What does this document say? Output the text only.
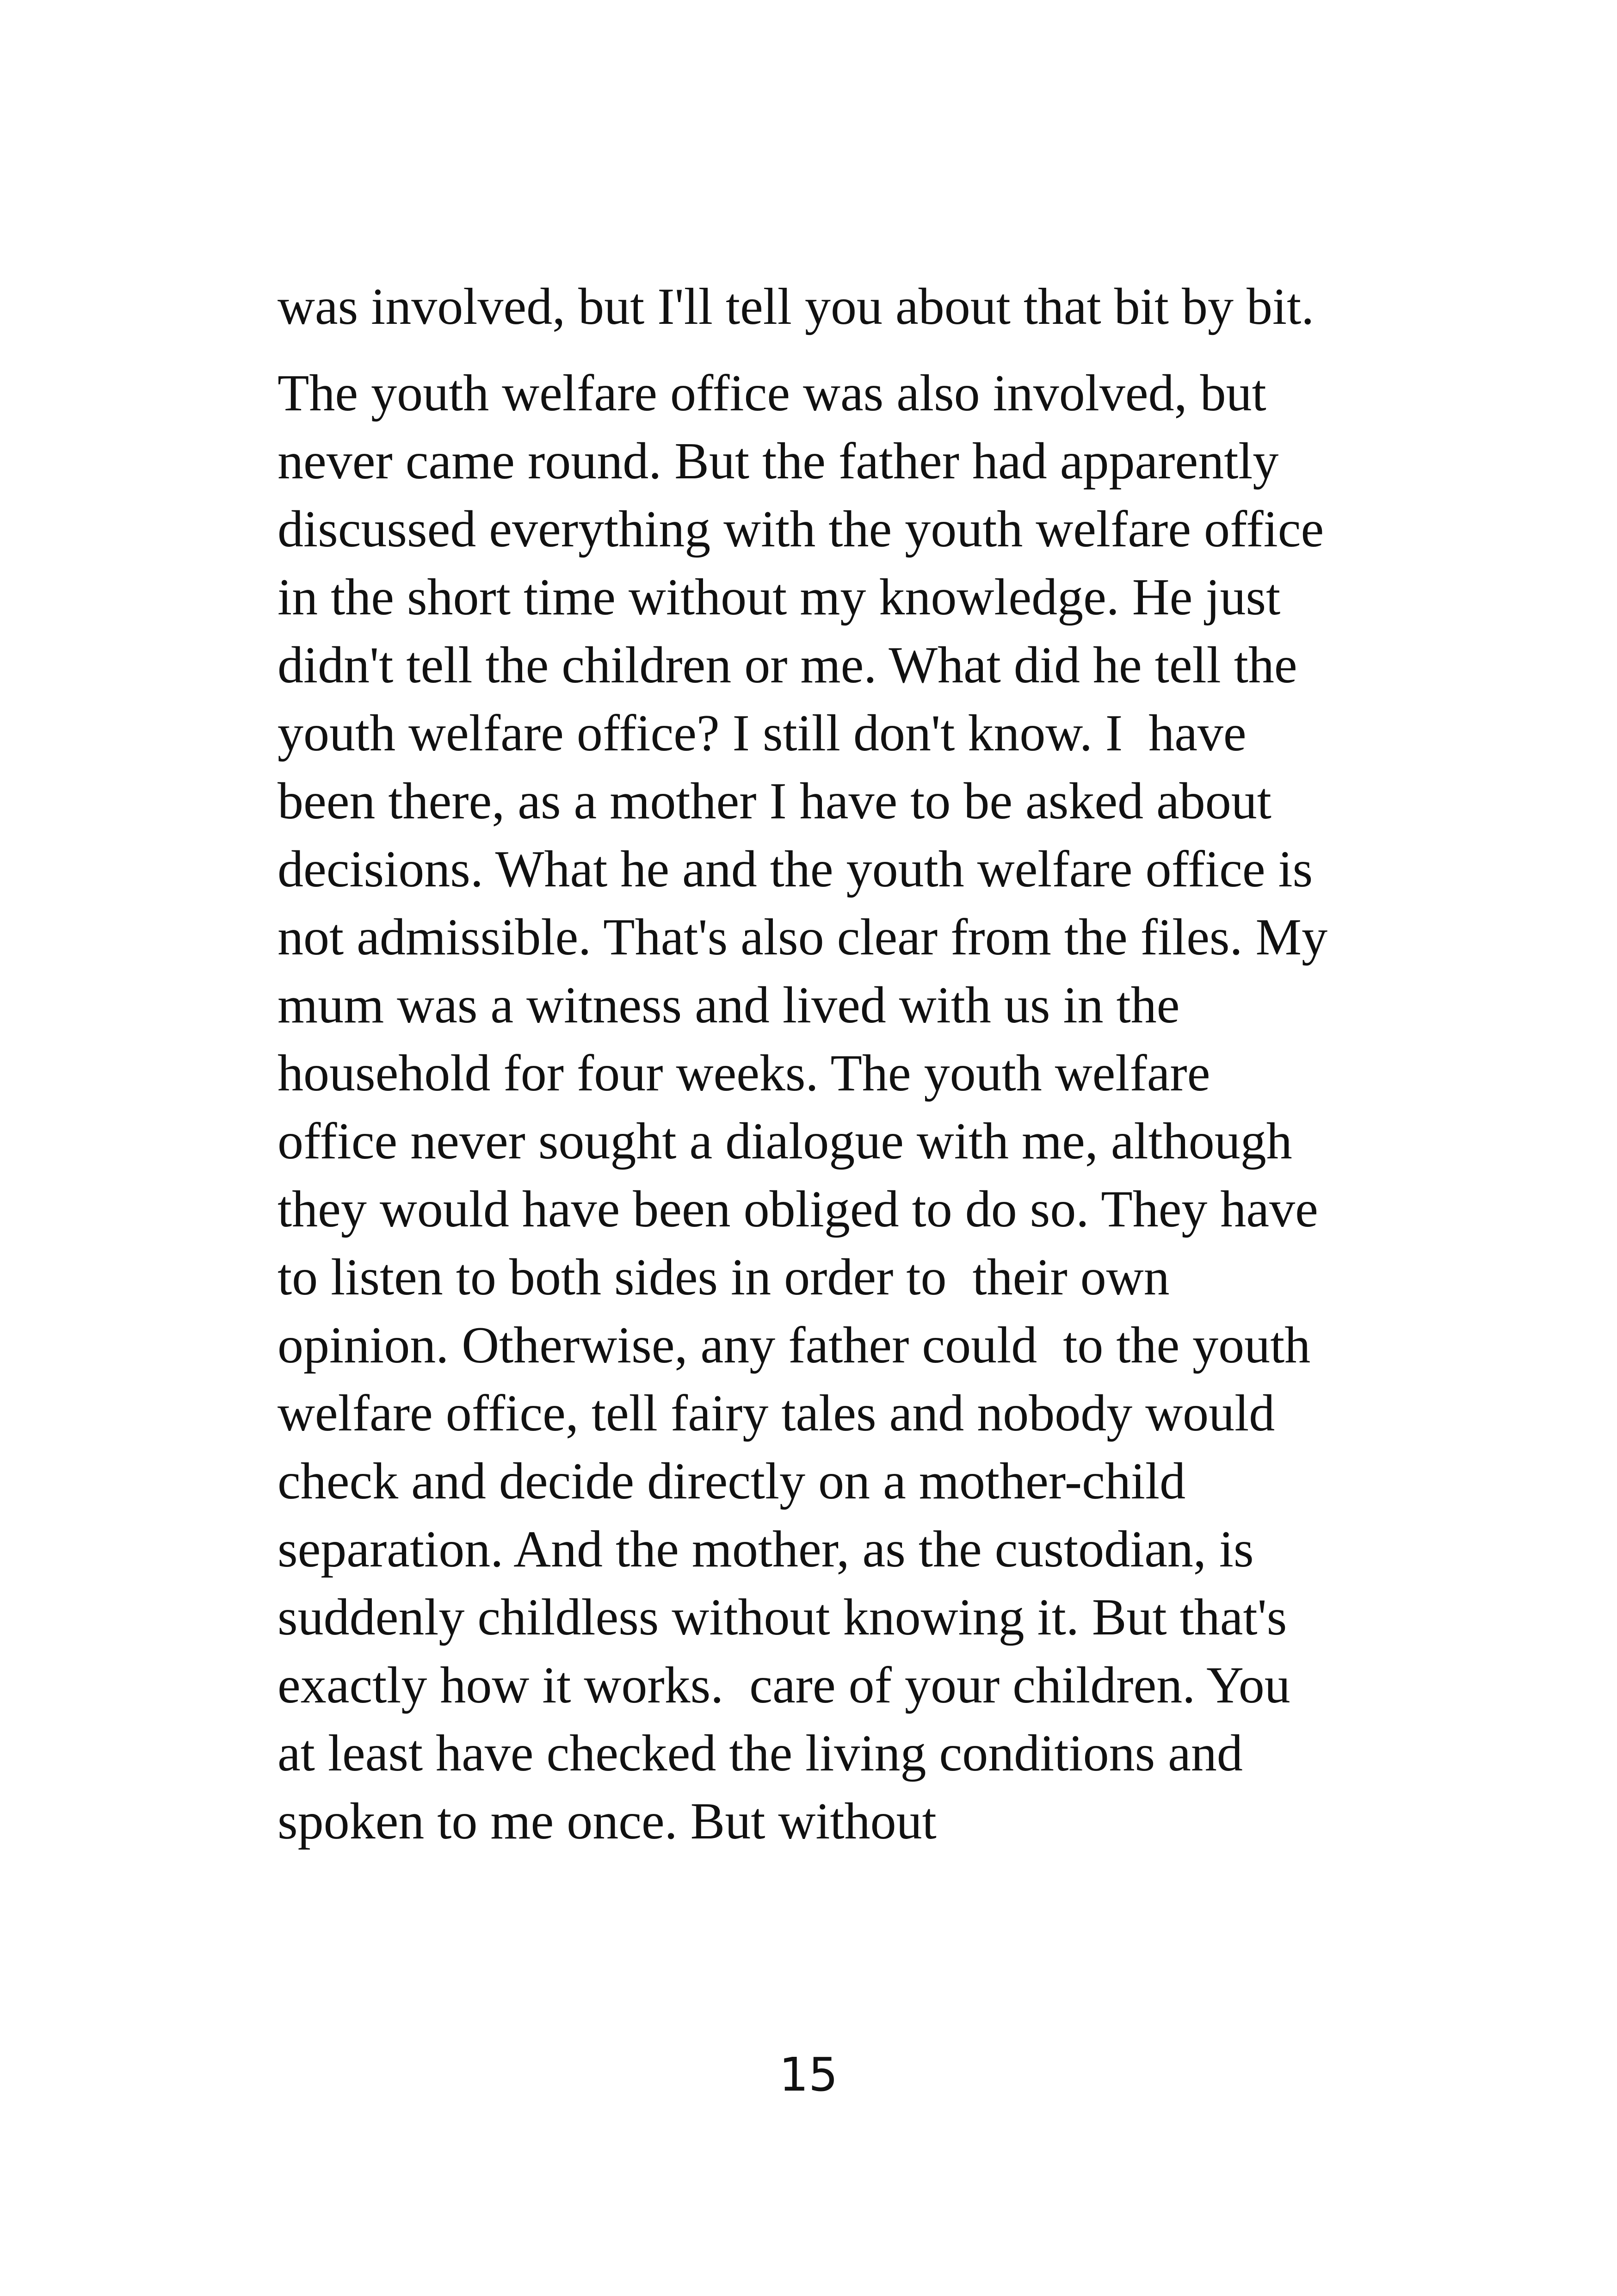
was involved, but I'll tell you about that bit by bit.
The youth welfare office was also involved, but
never came round. But the father had apparently
discussed everything with the youth welfare office
in the short time without my knowledge. He just
didn't tell the children or me. What did he tell the
youth welfare office? I still don't know. I  have
been there, as a mother I have to be asked about
decisions. What he and the youth welfare office is
not admissible. That's also clear from the files. My
mum was a witness and lived with us in the
household for four weeks. The youth welfare
office never sought a dialogue with me, although
they would have been obliged to do so. They have
to listen to both sides in order to  their own
opinion. Otherwise, any father could  to the youth
welfare office, tell fairy tales and nobody would
check and decide directly on a mother-child
separation. And the mother, as the custodian, is
suddenly childless without knowing it. But that's
exactly how it works.  care of your children. You
at least have checked the living conditions and
spoken to me once. But without
15
